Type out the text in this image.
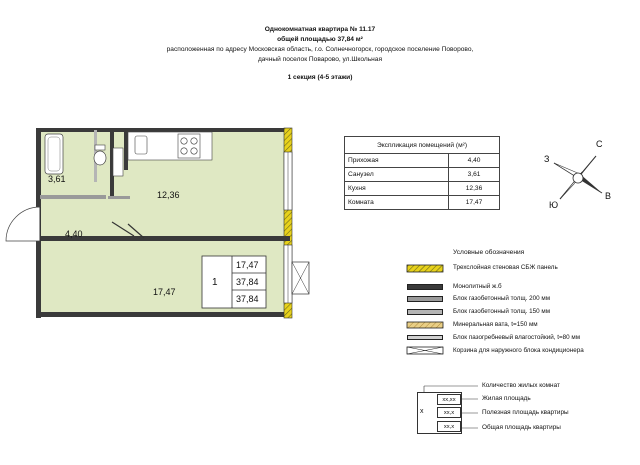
Однокомнатная квартира № 11.17
общей площадью 37,84 м²
расположенная по адресу Московская область, г.о. Солнечногорск, городское поселение Поворово,
дачный поселок Поварово, ул.Школьная
1 секция (4-5 этажи)
3,61
12,36
4,40
17,47
1
17,47
37,84
37,84
Экспликация помещений (м²)	
Прихожая	4,40
Санузел	3,61
Кухня	12,36
Комната	17,47
С
Ю
В
З
Условные обозначения
Трехслойная стеновая СБЖ панель
Монолитный ж.б
Блок газобетонный толщ. 200 мм
Блок газобетонный толщ. 150 мм
Минеральная вата, t=150 мм
Блок пазогребневый влагостойкий, t=80 мм
Корзина для наружного блока кондиционера
x
xx,xx
xx,x
xx,x
Количество жилых комнат
Жилая площадь
Полезная площадь квартиры
Общая площадь квартиры
